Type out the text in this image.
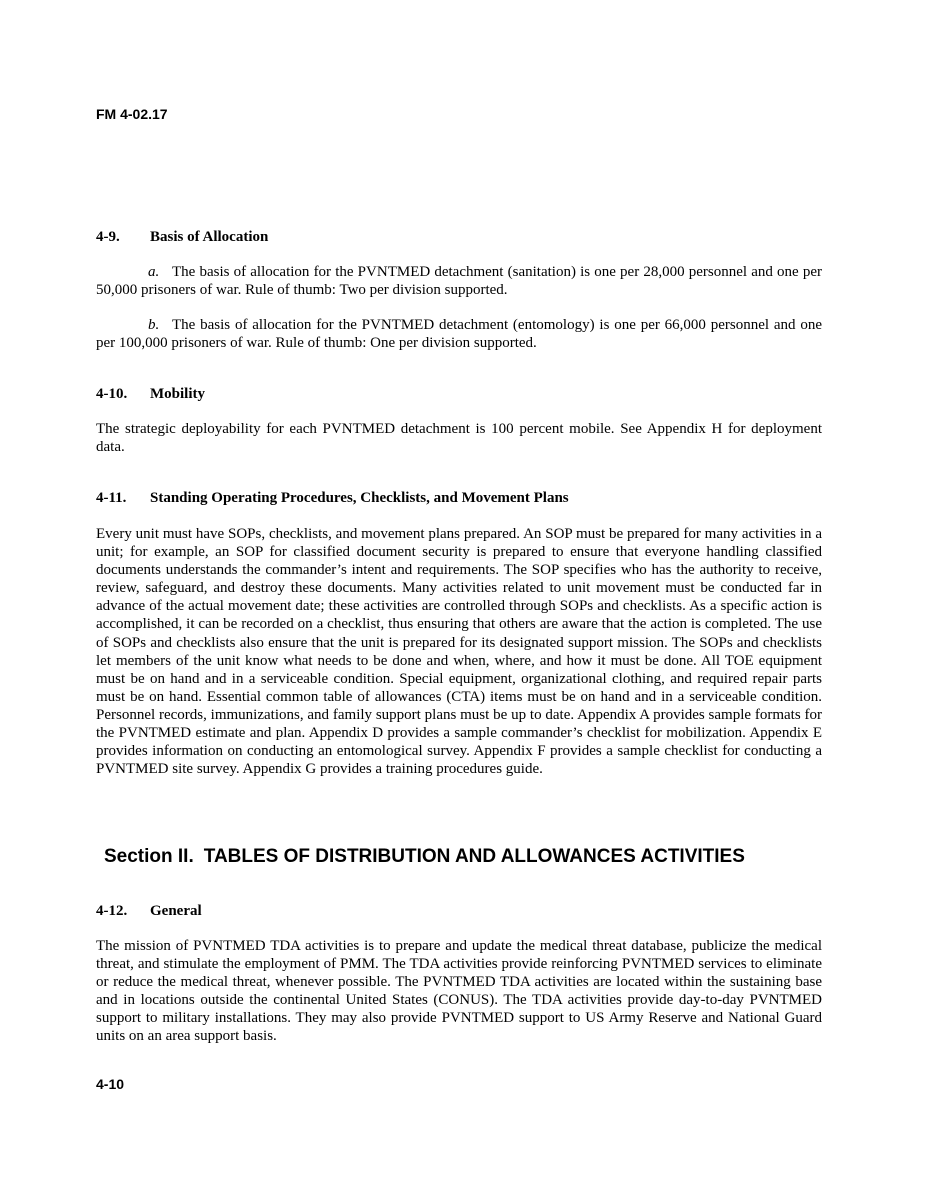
FM 4-02.17
4-9. Basis of Allocation
a. The basis of allocation for the PVNTMED detachment (sanitation) is one per 28,000 personnel and one per 50,000 prisoners of war. Rule of thumb: Two per division supported.
b. The basis of allocation for the PVNTMED detachment (entomology) is one per 66,000 personnel and one per 100,000 prisoners of war. Rule of thumb: One per division supported.
4-10. Mobility
The strategic deployability for each PVNTMED detachment is 100 percent mobile. See Appendix H for deployment data.
4-11. Standing Operating Procedures, Checklists, and Movement Plans
Every unit must have SOPs, checklists, and movement plans prepared. An SOP must be prepared for many activities in a unit; for example, an SOP for classified document security is prepared to ensure that everyone handling classified documents understands the commander’s intent and requirements. The SOP specifies who has the authority to receive, review, safeguard, and destroy these documents. Many activities related to unit movement must be conducted far in advance of the actual movement date; these activities are controlled through SOPs and checklists. As a specific action is accomplished, it can be recorded on a checklist, thus ensuring that others are aware that the action is completed. The use of SOPs and checklists also ensure that the unit is prepared for its designated support mission. The SOPs and checklists let members of the unit know what needs to be done and when, where, and how it must be done. All TOE equipment must be on hand and in a serviceable condition. Special equipment, organizational clothing, and required repair parts must be on hand. Essential common table of allowances (CTA) items must be on hand and in a serviceable condition. Personnel records, immunizations, and family support plans must be up to date. Appendix A provides sample formats for the PVNTMED estimate and plan. Appendix D provides a sample commander’s checklist for mobilization. Appendix E provides information on conducting an entomological survey. Appendix F provides a sample checklist for conducting a PVNTMED site survey. Appendix G provides a training procedures guide.
Section II. TABLES OF DISTRIBUTION AND ALLOWANCES ACTIVITIES
4-12. General
The mission of PVNTMED TDA activities is to prepare and update the medical threat database, publicize the medical threat, and stimulate the employment of PMM. The TDA activities provide reinforcing PVNTMED services to eliminate or reduce the medical threat, whenever possible. The PVNTMED TDA activities are located within the sustaining base and in locations outside the continental United States (CONUS). The TDA activities provide day-to-day PVNTMED support to military installations. They may also provide PVNTMED support to US Army Reserve and National Guard units on an area support basis.
4-10
